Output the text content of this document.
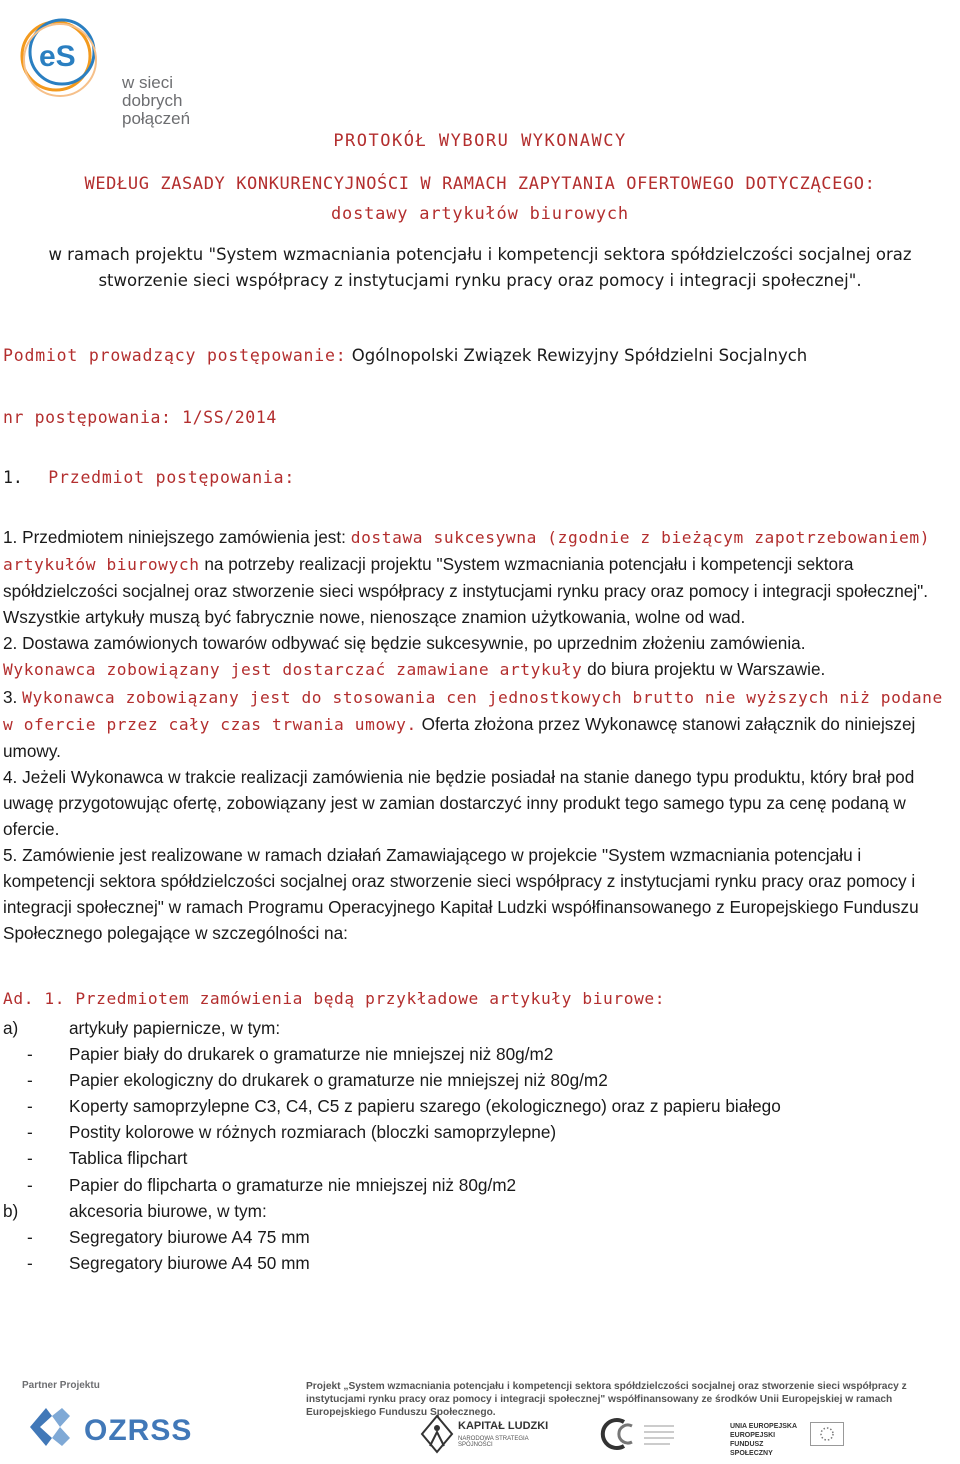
eS
w sieci
dobrych połączeń
PROTOKÓŁ WYBORU WYKONAWCY
WEDŁUG ZASADY KONKURENCYJNOŚCI W RAMACH ZAPYTANIA OFERTOWEGO DOTYCZĄCEGO:
dostawy artykułów biurowych
w ramach projektu "System wzmacniania potencjału i kompetencji sektora spółdzielczości socjalnej oraz
stworzenie sieci współpracy z instytucjami rynku pracy oraz pomocy i integracji społecznej".
Podmiot prowadzący postępowanie: Ogólnopolski Związek Rewizyjny Spółdzielni Socjalnych
nr postępowania: 1/SS/2014
1. Przedmiot postępowania:

1. Przedmiotem niniejszego zamówienia jest: dostawa sukcesywna (zgodnie z bieżącym zapotrzebowaniem) artykułów biurowych na potrzeby realizacji projektu "System wzmacniania potencjału i kompetencji sektora spółdzielczości socjalnej oraz stworzenie sieci współpracy z instytucjami rynku pracy oraz pomocy i integracji społecznej".

Wszystkie artykuły muszą być fabrycznie nowe, nienoszące znamion użytkowania, wolne od wad.

2. Dostawa zamówionych towarów odbywać się będzie sukcesywnie, po uprzednim złożeniu zamówienia.

Wykonawca zobowiązany jest dostarczać zamawiane artykuły do biura projektu w Warszawie.

3. Wykonawca zobowiązany jest do stosowania cen jednostkowych brutto nie wyższych niż podane w ofercie przez cały czas trwania umowy. Oferta złożona przez Wykonawcę stanowi załącznik do niniejszej umowy.

4. Jeżeli Wykonawca w trakcie realizacji zamówienia nie będzie posiadał na stanie danego typu produktu, który brał pod uwagę przygotowując ofertę, zobowiązany jest w zamian dostarczyć inny produkt tego samego typu za cenę podaną w ofercie.

5. Zamówienie jest realizowane w ramach działań Zamawiającego w projekcie "System wzmacniania potencjału i kompetencji sektora spółdzielczości socjalnej oraz stworzenie sieci współpracy z instytucjami rynku pracy oraz pomocy i integracji społecznej" w ramach Programu Operacyjnego Kapitał Ludzki współfinansowanego z Europejskiego Funduszu Społecznego polegające w szczególności na:

Ad. 1. Przedmiotem zamówienia będą przykładowe artykuły biurowe:
a)	artykuły papiernicze, w tym:
-	Papier biały do drukarek o gramaturze nie mniejszej niż 80g/m2
-	Papier ekologiczny do drukarek o gramaturze nie mniejszej niż 80g/m2
-	Koperty samoprzylepne C3, C4, C5 z papieru szarego (ekologicznego) oraz z papieru białego
-	Postity kolorowe w różnych rozmiarach (bloczki samoprzylepne)
-	Tablica flipchart
-	Papier do flipcharta o gramaturze nie mniejszej niż 80g/m2
b)	akcesoria biurowe, w tym:
-	Segregatory biurowe A4 75 mm
-	Segregatory biurowe A4 50 mm
Partner Projektu
OZRSS
Projekt „System wzmacniania potencjału i kompetencji sektora spółdzielczości socjalnej oraz stworzenie sieci współpracy z instytucjami rynku pracy oraz pomocy i integracji społecznej" współfinansowany ze środków Unii Europejskiej w ramach Europejskiego Funduszu Społecznego.
KAPITAŁ LUDZKI
NARODOWA STRATEGIA SPÓJNOŚCI
UNIA EUROPEJSKA EUROPEJSKI FUNDUSZ SPOŁECZNY
